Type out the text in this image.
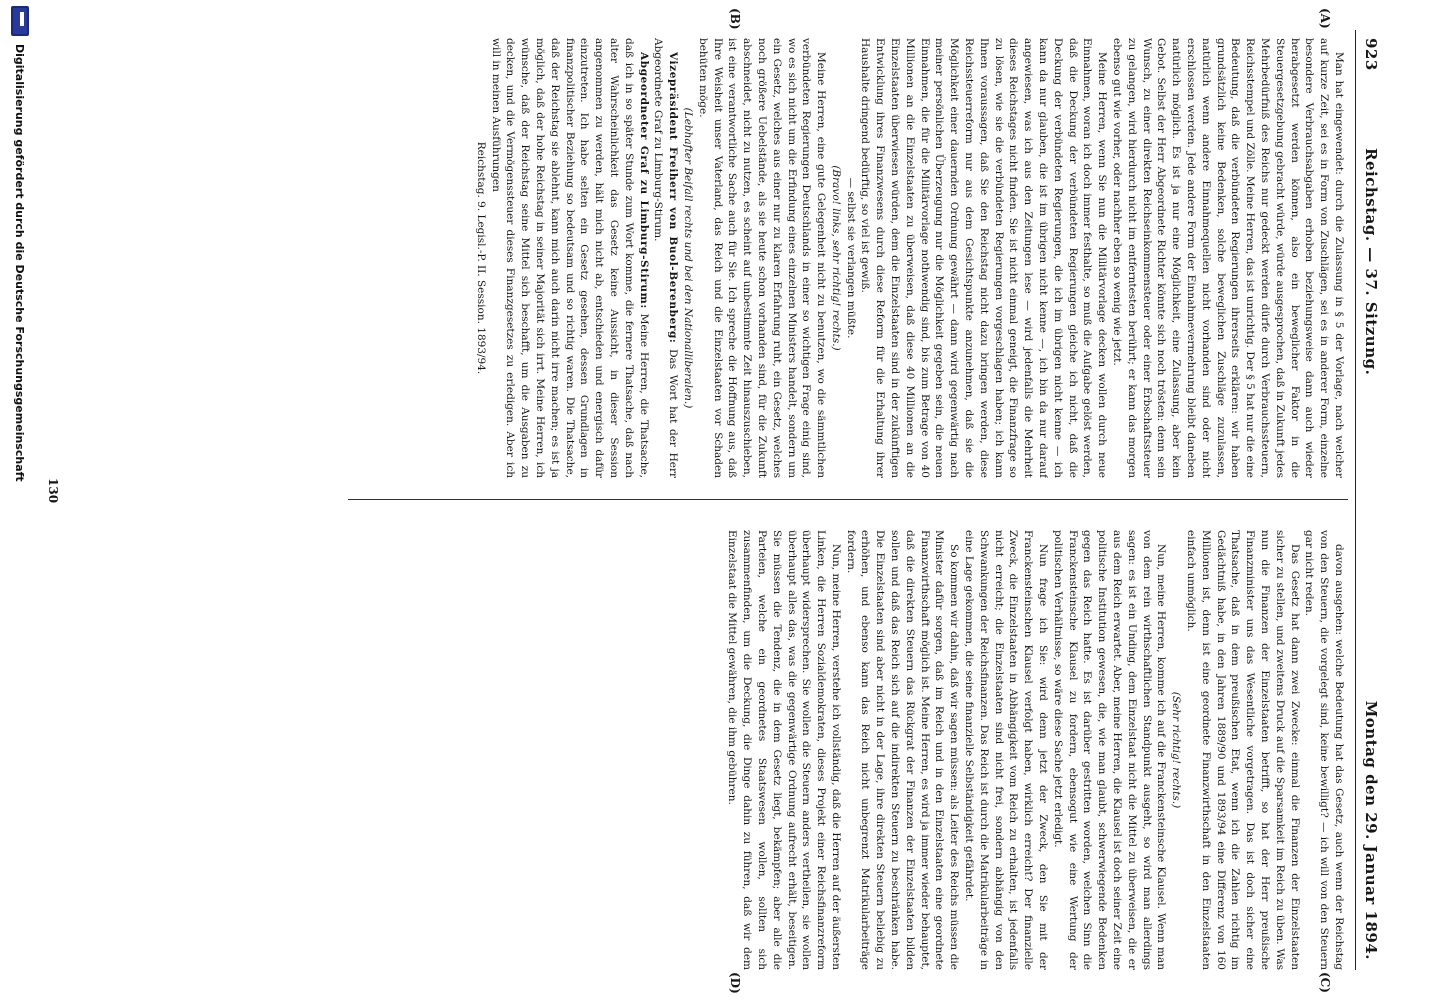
923
Reichstag. — 37. Sitzung.
Montag den 29. Januar 1894.
(A)
(B)
(C)
(D)

Man hat eingewendet: durch die Zulassung in § 5 der Vorlage, nach welcher auf kurze Zeit, sei es in Form von Zuschlägen, sei es in anderer Form, einzelne besondere Verbrauchsabgaben erhoben beziehungsweise dann auch wieder herabgesetzt werden können, also ein beweglicher Faktor in die Steuergesetzgebung gebracht würde, würde ausgesprochen, daß in Zukunft jedes Mehrbedürfniß des Reichs nur gedeckt werden dürfe durch Verbrauchssteuern, Reichsstempel und Zölle. Meine Herren, das ist unrichtig. Der § 5 hat nur die eine Bedeutung, daß die verbündeten Regierungen ihrerseits erklären: wir haben grundsätzlich keine Bedenken, solche beweglichen Zuschläge zuzulassen, natürlich wenn andere Einnahmequellen nicht vorhanden sind oder nicht erschlossen werden. Jede andere Form der Einnahmevermehrung bleibt daneben natürlich möglich. Es ist ja nur eine Möglichkeit, eine Zulassung, aber kein Gebot. Selbst der Herr Abgeordnete Richter könnte sich noch trösten: denn sein Wunsch, zu einer direkten Reichseinkommensteuer oder einer Erbschaftssteuer zu gelangen, wird hierdurch nicht im entferntesten berührt; er kann das morgen ebenso gut wie vorher, oder nachher eben so wenig wie jetzt.

Meine Herren, wenn Sie nun die Militärvorlage decken wollen durch neue Einnahmen, woran ich doch immer festhalte, so muß die Aufgabe gelöst werden, daß die Deckung der verbündeten Regierungen gleiche ich nicht, daß die Deckung der verbündeten Regierungen, die ich im übrigen nicht kenne — ich kann da nur glauben, die ist im übrigen nicht kenne —, ich bin da nur darauf angewiesen, was ich aus den Zeitungen lese — wird jedenfalls die Mehrheit dieses Reichstages nicht finden. Sie ist nicht einmal geneigt, die Finanzfrage so zu lösen, wie sie die verbündeten Regierungen vorgeschlagen haben; ich kann Ihnen voraussagen, daß Sie den Reichstag nicht dazu bringen werden, diese Reichssteuerreform nur aus dem Gesichtspunkte anzunehmen, daß sie die Möglichkeit einer dauernden Ordnung gewährt — dann wird gegenwärtig nach meiner persönlichen Überzeugung nur die Möglichkeit gegeben sein, die neuen Einnahmen, die für die Militärvorlage nothwendig sind, bis zum Betrage von 40 Millionen an die Einzelstaaten zu überweisen, daß diese 40 Millionen an die Einzelstaaten überwiesen würden, dem die Einzelstaaten sind in der zukünftigen Entwicklung ihres Finanzwesens durch diese Reform für die Erhaltung ihrer Haushalte dringend bedürftig, so viel ist gewiß.

— selbst sie verlangen müßte.

(Bravo! links, sehr richtig! rechts.)

Meine Herren, eine gute Gelegenheit nicht zu benutzen, wo die sämmtlichen verbündeten Regierungen Deutschlands in einer so wichtigen Frage einig sind, wo es sich nicht um die Erfindung eines einzelnen Ministers handelt, sondern um ein Gesetz, welches aus einer nur zu klaren Erfahrung ruht, ein Gesetz, welches noch größere Uebelstände, als sie heute schon vorhanden sind, für die Zukunft abschneidet, nicht zu nutzen, es scheint auf unbestimmte Zeit hinauszuschieben, ist eine verantwortliche Sache auch für Sie. Ich spreche die Hoffnung aus, daß Ihre Weisheit unser Vaterland, das Reich und die Einzelstaaten vor Schaden behüten möge.

(Lebhafter Beifall rechts und bei den Nationalliberalen.)

Vizepräsident Freiherr von Buol-Berenberg: Das Wort hat der Herr Abgeordnete Graf zu Limburg-Stirum.

Abgeordneter Graf zu Limburg-Stirum: Meine Herren, die Thatsache, daß ich in so später Stunde zum Wort komme, die fernere Thatsache, daß nach alter Wahrscheinlichkeit das Gesetz keine Aussicht, in dieser Session angenommen zu werden, hält mich nicht ab, entschieden und energisch dafür einzutreten. Ich habe selten ein Gesetz gesehen, dessen Grundlagen in finanzpolitischer Beziehung so bedeutsam und so richtig waren. Die Thatsache, daß der Reichstag sie ablehnt, kann mich auch darin nicht irre machen; es ist ja möglich, daß der hohe Reichstag in seiner Majorität sich irrt. Meine Herren, ich wünsche, daß der Reichstag seine Mittel sich beschafft, um die Ausgaben zu decken, und die Vermögenssteuer dieses Finanzgesetzes zu erledigen. Aber ich will in meinen Ausführungen

Reichstag. 9. Legisl.-P. II. Session. 1893/94.

davon ausgehen: welche Bedeutung hat das Gesetz, auch wenn der Reichstag von den Steuern, die vorgelegt sind, keine bewilligt? — ich will von den Steuern gar nicht reden.

Das Gesetz hat dann zwei Zwecke: einmal die Finanzen der Einzelstaaten sicher zu stellen, und zweitens Druck auf die Sparsamkeit im Reich zu üben. Was nun die Finanzen der Einzelstaaten betrifft, so hat der Herr preußische Finanzminister uns das Wesentliche vorgetragen. Das ist doch sicher eine Thatsache, daß in dem preußischen Etat, wenn ich die Zahlen richtig im Gedächtniß habe, in den Jahren 1889/90 und 1893/94 eine Differenz von 160 Millionen ist, denn ist eine geordnete Finanzwirthschaft in den Einzelstaaten einfach unmöglich.

(Sehr richtig! rechts.)

Nun, meine Herren, komme ich auf die Franckensteinsche Klausel. Wenn man von dem rein wirthschaftlichen Standpunkt ausgeht, so wird man allerdings sagen: es ist ein Unding, dem Einzelstaat nicht die Mittel zu überweisen, die er aus dem Reich erwartet. Aber, meine Herren, die Klausel ist doch seiner Zeit eine politische Institution gewesen, die, wie man glaubt, schwerwiegende Bedenken gegen das Reich hatte. Es ist darüber gestritten worden, welchen Sinn die Franckensteinsche Klausel zu fordern, ebensogut wie eine Wertung der politischen Verhältnisse, so wäre diese Sache jetzt erledigt.

Nun frage ich Sie: wird denn jetzt der Zweck, den Sie mit der Franckensteinschen Klausel verfolgt haben, wirklich erreicht? Der finanzielle Zweck, die Einzelstaaten in Abhängigkeit vom Reich zu erhalten, ist jedenfalls nicht erreicht; die Einzelstaaten sind nicht frei, sondern abhängig von den Schwankungen der Reichsfinanzen. Das Reich ist durch die Matrikularbeiträge in eine Lage gekommen, die seine finanzielle Selbständigkeit gefährdet.

So kommen wir dahin, daß wir sagen müssen: als Leiter des Reichs müssen die Minister dafür sorgen, daß im Reich und in den Einzelstaaten eine geordnete Finanzwirthschaft möglich ist. Meine Herren, es wird ja immer wieder behauptet, daß die direkten Steuern das Rückgrat der Finanzen der Einzelstaaten bilden sollen und daß das Reich sich auf die indirekten Steuern zu beschränken habe. Die Einzelstaaten sind aber nicht in der Lage, ihre direkten Steuern beliebig zu erhöhen, und ebenso kann das Reich nicht unbegrenzt Matrikularbeiträge fordern.

Nun, meine Herren, verstehe ich vollständig, daß die Herren auf der äußersten Linken, die Herren Sozialdemokraten, dieses Projekt einer Reichsfinanzreform überhaupt widersprechen. Sie wollen die Steuern anders vertheilen, sie wollen überhaupt alles das, was die gegenwärtige Ordnung aufrecht erhält, beseitigen. Sie müssen die Tendenz, die in dem Gesetz liegt, bekämpfen; aber alle die Parteien, welche ein geordnetes Staatswesen wollen, sollten sich zusammenfinden, um die Deckung, die Dinge dahin zu führen, daß wir dem Einzelstaat die Mittel gewähren, die ihm gebühren.

130
Digitalisierung gefördert durch die Deutsche Forschungsgemeinschaft
